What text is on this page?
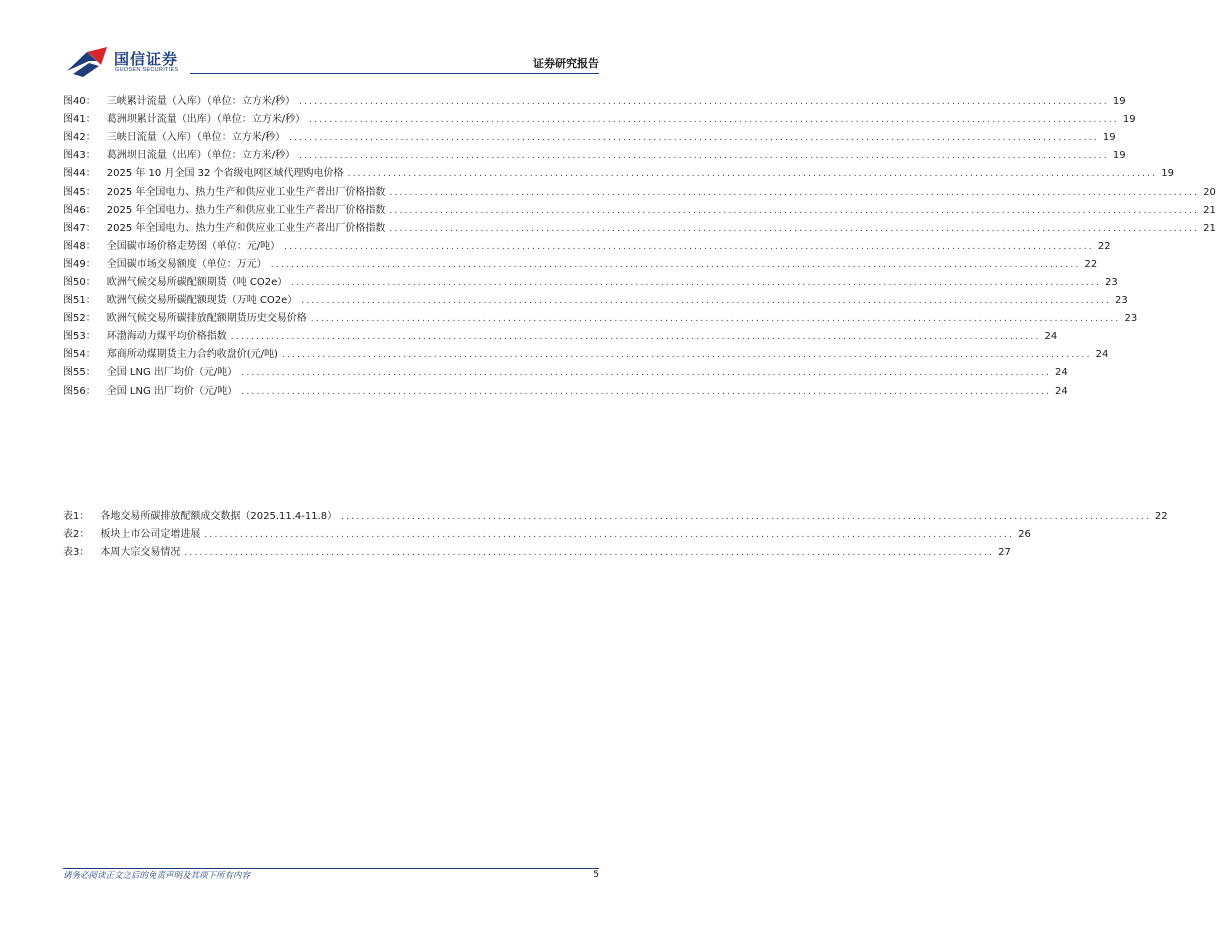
国信证券
GUOSEN SECURITIES	证券研究报告
图40： 三峡累计流量（入库）（单位：立方米/秒） ................................................................................................................................................................ 19
图41： 葛洲坝累计流量（出库）（单位：立方米/秒） ................................................................................................................................................................ 19
图42： 三峡日流量（入库）（单位：立方米/秒） ................................................................................................................................................................ 19
图43： 葛洲坝日流量（出库）（单位：立方米/秒） ................................................................................................................................................................ 19
图44： 2025 年 10 月全国 32 个省级电网区域代理购电价格 ................................................................................................................................................................ 19
图45： 2025 年全国电力、热力生产和供应业工业生产者出厂价格指数 ................................................................................................................................................................ 20
图46： 2025 年全国电力、热力生产和供应业工业生产者出厂价格指数 ................................................................................................................................................................ 21
图47： 2025 年全国电力、热力生产和供应业工业生产者出厂价格指数 ................................................................................................................................................................ 21
图48： 全国碳市场价格走势图（单位：元/吨） ................................................................................................................................................................ 22
图49： 全国碳市场交易额度（单位：万元） ................................................................................................................................................................ 22
图50： 欧洲气候交易所碳配额期货（吨 CO2e） ................................................................................................................................................................ 23
图51： 欧洲气候交易所碳配额现货（万吨 CO2e） ................................................................................................................................................................ 23
图52： 欧洲气候交易所碳排放配额期货历史交易价格 ................................................................................................................................................................ 23
图53： 环渤海动力煤平均价格指数 ................................................................................................................................................................ 24
图54： 郑商所动煤期货主力合约收盘价(元/吨) ................................................................................................................................................................ 24
图55： 全国 LNG 出厂均价（元/吨） ................................................................................................................................................................ 24
图56： 全国 LNG 出厂均价（元/吨） ................................................................................................................................................................ 24
表1： 各地交易所碳排放配额成交数据（2025.11.4-11.8） ................................................................................................................................................................ 22
表2： 板块上市公司定增进展 ................................................................................................................................................................ 26
表3： 本周大宗交易情况 ................................................................................................................................................................ 27
请务必阅读正文之后的免责声明及其项下所有内容	5
